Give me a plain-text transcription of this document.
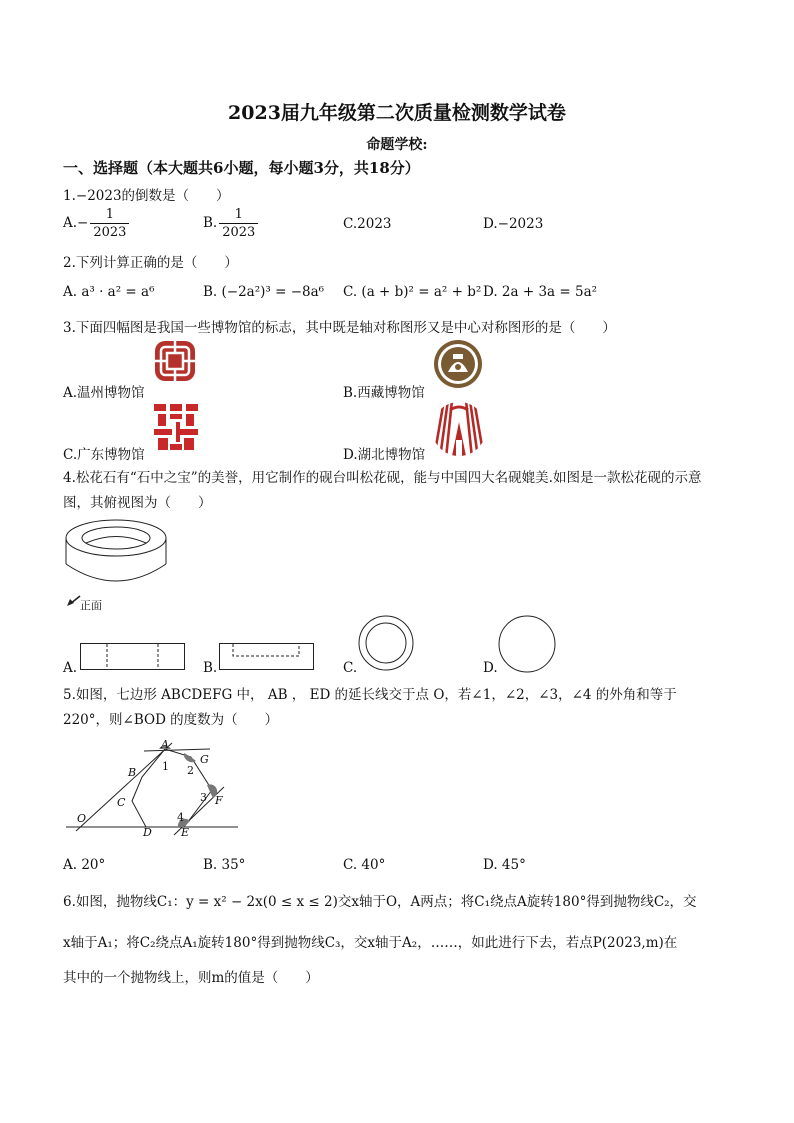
2023届九年级第二次质量检测数学试卷
命题学校:
一、选择题（本大题共6小题，每小题3分，共18分）
1.−2023的倒数是（　　）
$A.- \frac{1}{2023}$	B. $\frac{1}{2023}$	C.2023	D.−2023
2.下列计算正确的是（　　）
A. a³ · a² = a⁶	B. (−2a²)³ = −8a⁶ C. (a + b)² = a² + b² D. 2a + 3a = 5a²
3.下面四幅图是我国一些博物馆的标志，其中既是轴对称图形又是中心对称图形的是（　　）
A.温州博物馆	B.西藏博物馆
C.广东博物馆	D.湖北博物馆
4.松花石有“石中之宝”的美誉，用它制作的砚台叫松花砚，能与中国四大名砚媲美.如图是一款松花砚的示意
图，其俯视图为（　　）
正面
A.	B.	C.	D.
5.如图，七边形 ABCDEFG 中， AB ， ED 的延长线交于点 O，若∠1，∠2，∠3，∠4 的外角和等于
220°，则∠BOD 的度数为（　　）
A
1
B
G
2
C	3 F
O	4
D	E
A. 20°	B. 35°	C. 40°	D. 45°
6.如图，抛物线C₁：y = x² − 2x(0 ≤ x ≤ 2)交x轴于O，A两点；将C₁绕点A旋转180°得到抛物线C₂，交
x轴于A₁；将C₂绕点A₁旋转180°得到抛物线C₃，交x轴于A₂，……，如此进行下去，若点P(2023,m)在
其中的一个抛物线上，则m的值是（　　）
